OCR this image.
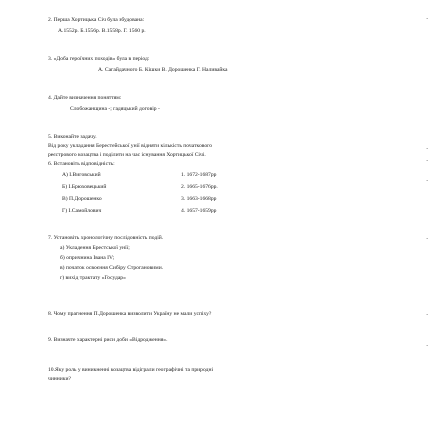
2. Перша Хортицька Січ була збудована:
А.1552р. Б.1556р. В.1558р. Г. 1560 р.
3. «Доба героїчних походів» була в період:
А. Сагайдачного Б. Кішки В. Дорошенка Г. Наливайка
4. Дайте визначення поняттям:
Слобожанщина -; гадяцький договір -
5. Виконайте задачу.
Від року укладання Берестейської унії відняти кількість початкового
реєстрового козацтва і поділити на час існування Хортицької Січі.
6. Встановіть відповідність:
А) І.Виговський	1. 1672-1687рр
Б) І.Брюховецький	2. 1665-1676рр.
В) П.Дорошенко	3. 1663-1668рр
Г) І.Самойлович	4. 1657-1659рр
7. Установіть хронологічну послідовність подій.
а) Укладення Брестської унії;
б) опричнина Івана IV;
в) початок освоєння Сибіру Строгановими.
г) вихід трактату «Государ»
8. Чому прагнення П.Дорошенка визволити Україну не мали успіху?
9. Визначте характерні риси доби «Відродження».
10.Яку роль у виникненні козацтва відіграли географічні та природні
чинники?
·
·
·
·
·
·
·
